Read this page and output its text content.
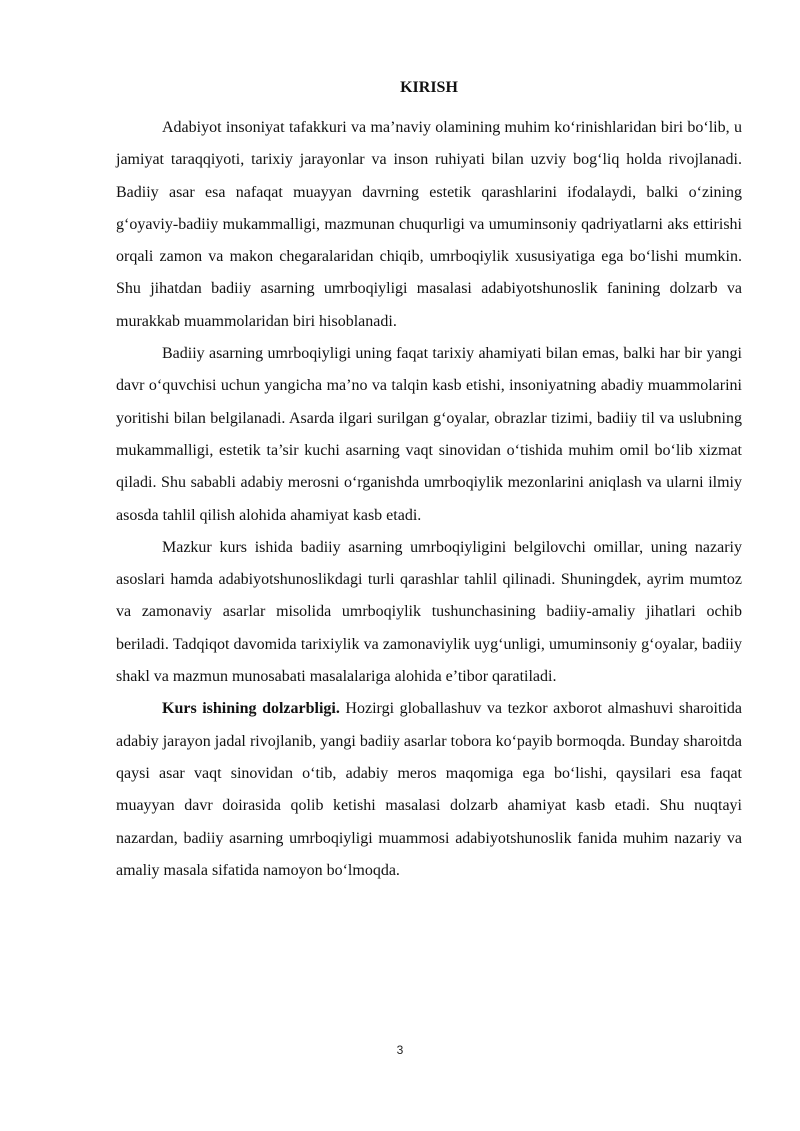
KIRISH

Adabiyot insoniyat tafakkuri va ma’naviy olamining muhim ko‘rinishlaridan biri bo‘lib, u jamiyat taraqqiyoti, tarixiy jarayonlar va inson ruhiyati bilan uzviy bog‘liq holda rivojlanadi. Badiiy asar esa nafaqat muayyan davrning estetik qarashlarini ifodalaydi, balki o‘zining g‘oyaviy-badiiy mukammalligi, mazmunan chuqurligi va umuminsoniy qadriyatlarni aks ettirishi orqali zamon va makon chegaralaridan chiqib, umrboqiylik xususiyatiga ega bo‘lishi mumkin. Shu jihatdan badiiy asarning umrboqiyligi masalasi adabiyotshunoslik fanining dolzarb va murakkab muammolaridan biri hisoblanadi.

Badiiy asarning umrboqiyligi uning faqat tarixiy ahamiyati bilan emas, balki har bir yangi davr o‘quvchisi uchun yangicha ma’no va talqin kasb etishi, insoniyatning abadiy muammolarini yoritishi bilan belgilanadi. Asarda ilgari surilgan g‘oyalar, obrazlar tizimi, badiiy til va uslubning mukammalligi, estetik ta’sir kuchi asarning vaqt sinovidan o‘tishida muhim omil bo‘lib xizmat qiladi. Shu sababli adabiy merosni o‘rganishda umrboqiylik mezonlarini aniqlash va ularni ilmiy asosda tahlil qilish alohida ahamiyat kasb etadi.

Mazkur kurs ishida badiiy asarning umrboqiyligini belgilovchi omillar, uning nazariy asoslari hamda adabiyotshunoslikdagi turli qarashlar tahlil qilinadi. Shuningdek, ayrim mumtoz va zamonaviy asarlar misolida umrboqiylik tushunchasining badiiy-amaliy jihatlari ochib beriladi. Tadqiqot davomida tarixiylik va zamonaviylik uyg‘unligi, umuminsoniy g‘oyalar, badiiy shakl va mazmun munosabati masalalariga alohida e’tibor qaratiladi.

Kurs ishining dolzarbligi. Hozirgi globallashuv va tezkor axborot almashuvi sharoitida adabiy jarayon jadal rivojlanib, yangi badiiy asarlar tobora ko‘payib bormoqda. Bunday sharoitda qaysi asar vaqt sinovidan o‘tib, adabiy meros maqomiga ega bo‘lishi, qaysilari esa faqat muayyan davr doirasida qolib ketishi masalasi dolzarb ahamiyat kasb etadi. Shu nuqtayi nazardan, badiiy asarning umrboqiyligi muammosi adabiyotshunoslik fanida muhim nazariy va amaliy masala sifatida namoyon bo‘lmoqda.

3
